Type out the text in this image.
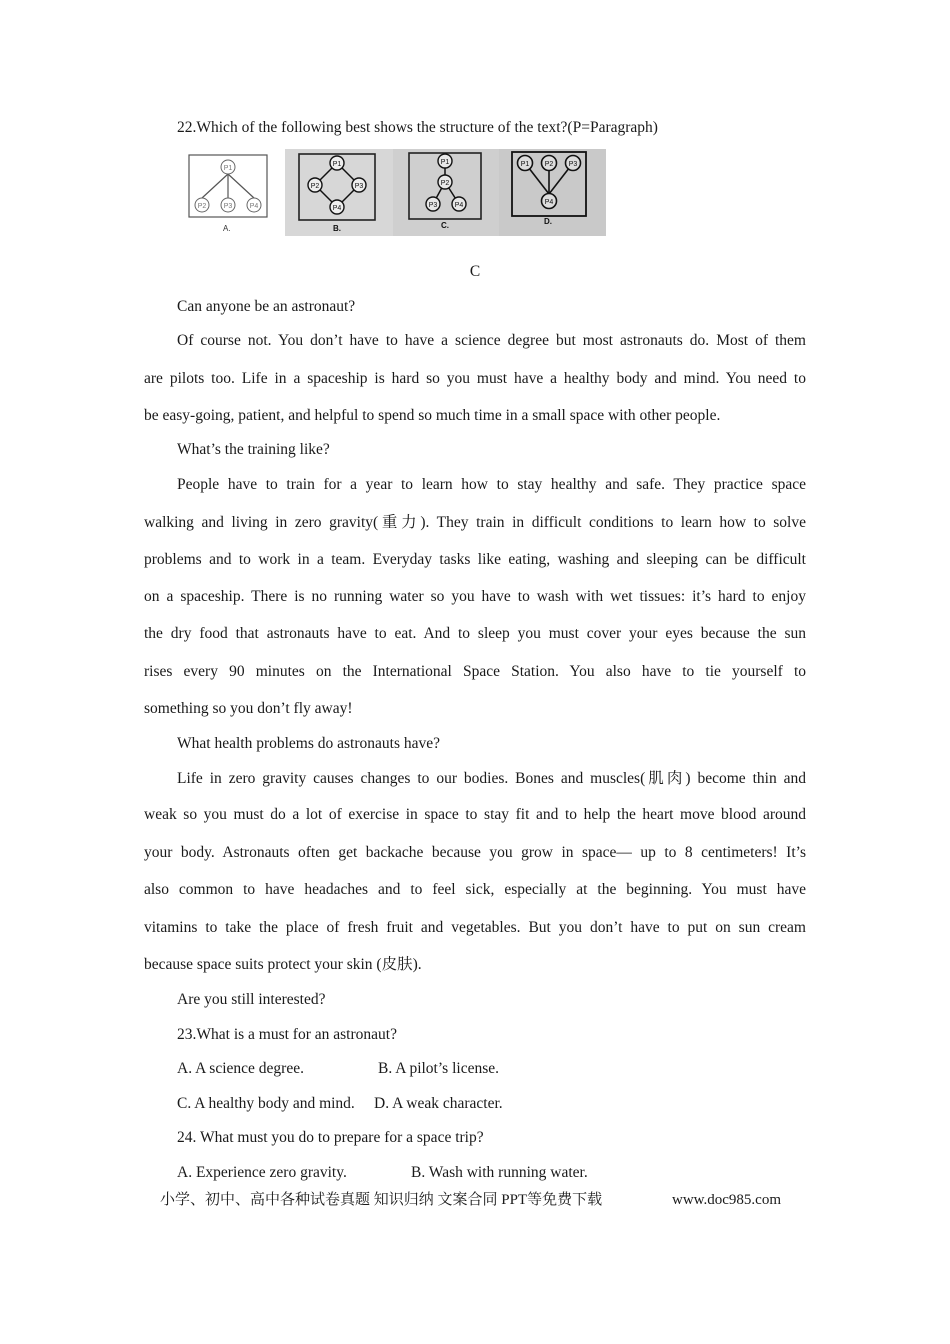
22.Which of the following best shows the structure of the text?(P=Paragraph)
P1
P2 P3 P4
A.
P1
P2	P3
P4
B.
P1
P2
P3 P4
C.
P1 P2 P3
P4
D.
C
Can anyone be an astronaut?
Of course not. You don’t have to have a science degree but most astronauts do. Most of them
are pilots too. Life in a spaceship is hard so you must have a healthy body and mind. You need to
be easy-going, patient, and helpful to spend so much time in a small space with other people.
What’s the training like?
People have to train for a year to learn how to stay healthy and safe. They practice space
walking and living in zero gravity(重力). They train in difficult conditions to learn how to solve
problems and to work in a team. Everyday tasks like eating, washing and sleeping can be difficult
on a spaceship. There is no running water so you have to wash with wet tissues: it’s hard to enjoy
the dry food that astronauts have to eat. And to sleep you must cover your eyes because the sun
rises every 90 minutes on the International Space Station. You also have to tie yourself to
something so you don’t fly away!
What health problems do astronauts have?
Life in zero gravity causes changes to our bodies. Bones and muscles(肌肉) become thin and
weak so you must do a lot of exercise in space to stay fit and to help the heart move blood around
your body. Astronauts often get backache because you grow in space— up to 8 centimeters! It’s
also common to have headaches and to feel sick, especially at the beginning. You must have
vitamins to take the place of fresh fruit and vegetables. But you don’t have to put on sun cream
because space suits protect your skin (皮肤).
Are you still interested?
23.What is a must for an astronaut?
A. A science degree.	B. A pilot’s license.
C. A healthy body and mind. D. A weak character.
24. What must you do to prepare for a space trip?
A. Experience zero gravity.	B. Wash with running water.
小学、初中、高中各种试卷真题 知识归纳 文案合同 PPT等免费下载	www.doc985.com
